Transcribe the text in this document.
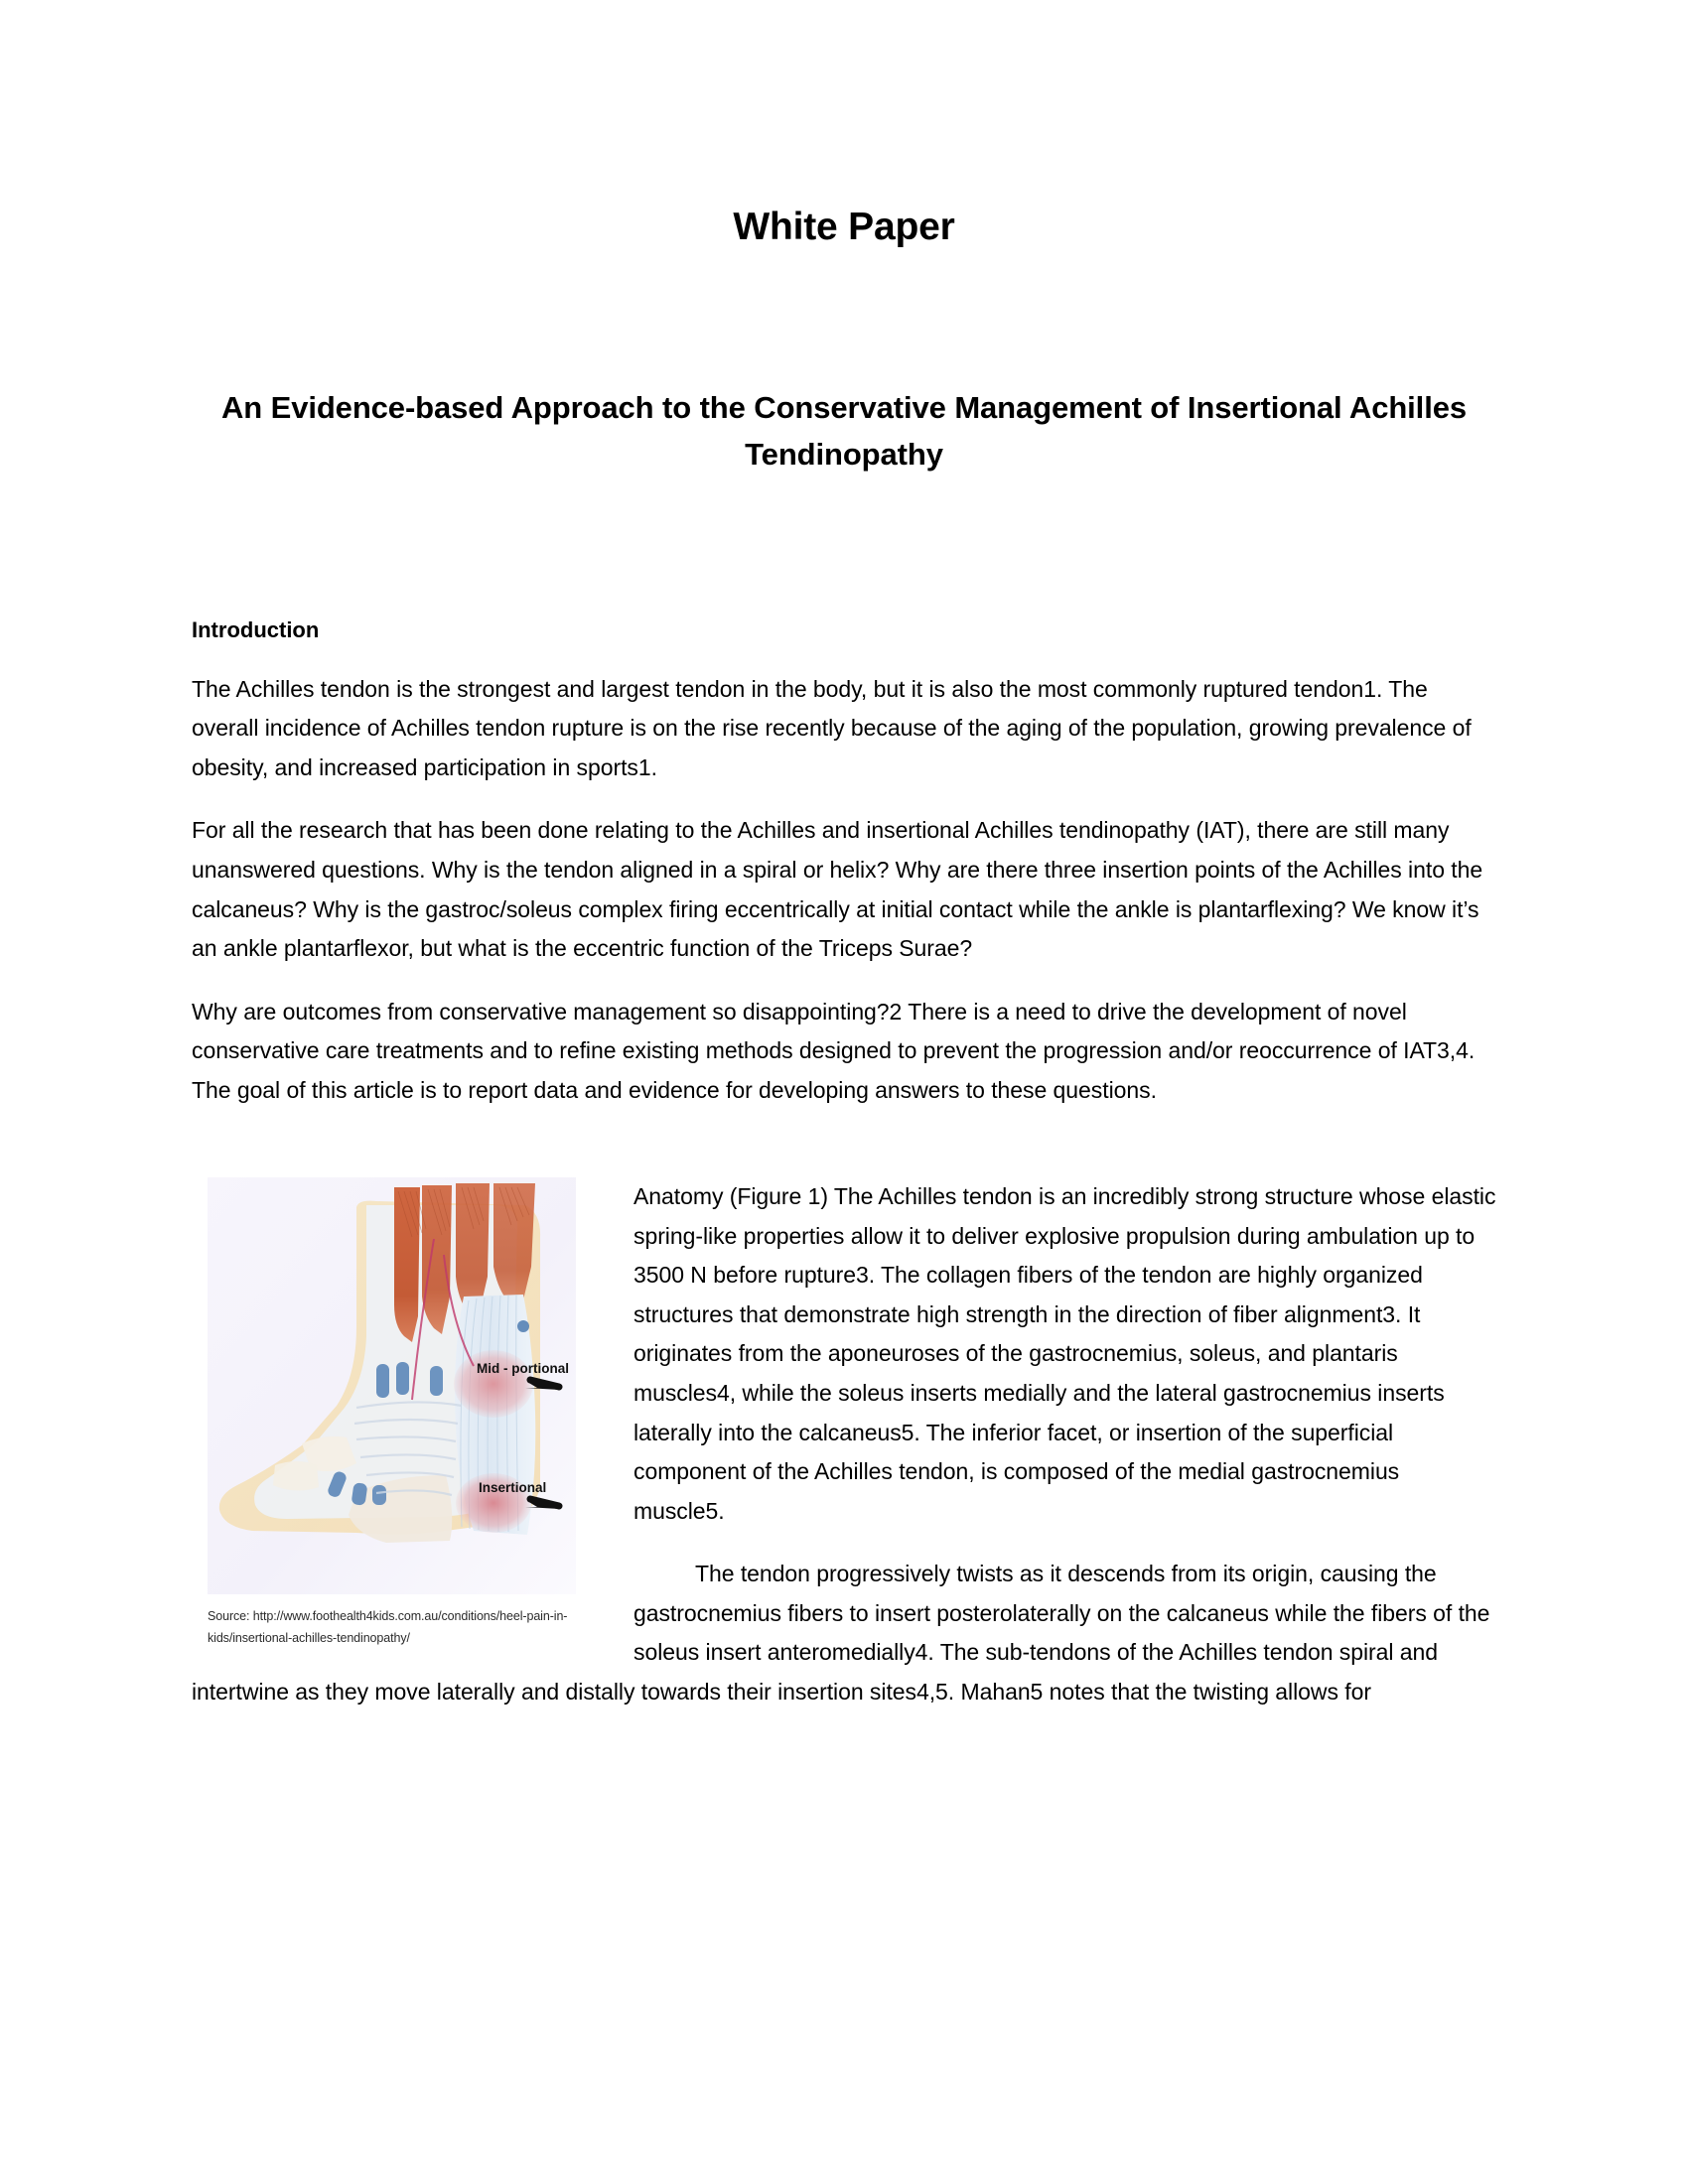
White Paper
An Evidence-based Approach to the Conservative Management of Insertional Achilles Tendinopathy
Introduction

The Achilles tendon is the strongest and largest tendon in the body, but it is also the most commonly ruptured tendon1. The overall incidence of Achilles tendon rupture is on the rise recently because of the aging of the population, growing prevalence of obesity, and increased participation in sports1.

For all the research that has been done relating to the Achilles and insertional Achilles tendinopathy (IAT), there are still many unanswered questions. Why is the tendon aligned in a spiral or helix? Why are there three insertion points of the Achilles into the calcaneus? Why is the gastroc/soleus complex firing eccentrically at initial contact while the ankle is plantarflexing? We know it’s an ankle plantarflexor, but what is the eccentric function of the Triceps Surae?

Why are outcomes from conservative management so disappointing?2 There is a need to drive the development of novel conservative care treatments and to refine existing methods designed to prevent the progression and/or reoccurrence of IAT3,4. The goal of this article is to report data and evidence for developing answers to these questions.

Mid - portional
Insertional
Source: http://www.foothealth4kids.com.au/conditions/heel-pain-in-kids/insertional-achilles-tendinopathy/

Anatomy (Figure 1) The Achilles tendon is an incredibly strong structure whose elastic spring-like properties allow it to deliver explosive propulsion during ambulation up to 3500 N before rupture3. The collagen fibers of the tendon are highly organized structures that demonstrate high strength in the direction of fiber alignment3. It originates from the aponeuroses of the gastrocnemius, soleus, and plantaris muscles4, while the soleus inserts medially and the lateral gastrocnemius inserts laterally into the calcaneus5. The inferior facet, or insertion of the superficial component of the Achilles tendon, is composed of the medial gastrocnemius muscle5.

The tendon progressively twists as it descends from its origin, causing the gastrocnemius fibers to insert posterolaterally on the calcaneus while the fibers of the soleus insert anteromedially4. The sub-tendons of the Achilles tendon spiral and intertwine as they move laterally and distally towards their insertion sites4,5. Mahan5 notes that the twisting allows for
